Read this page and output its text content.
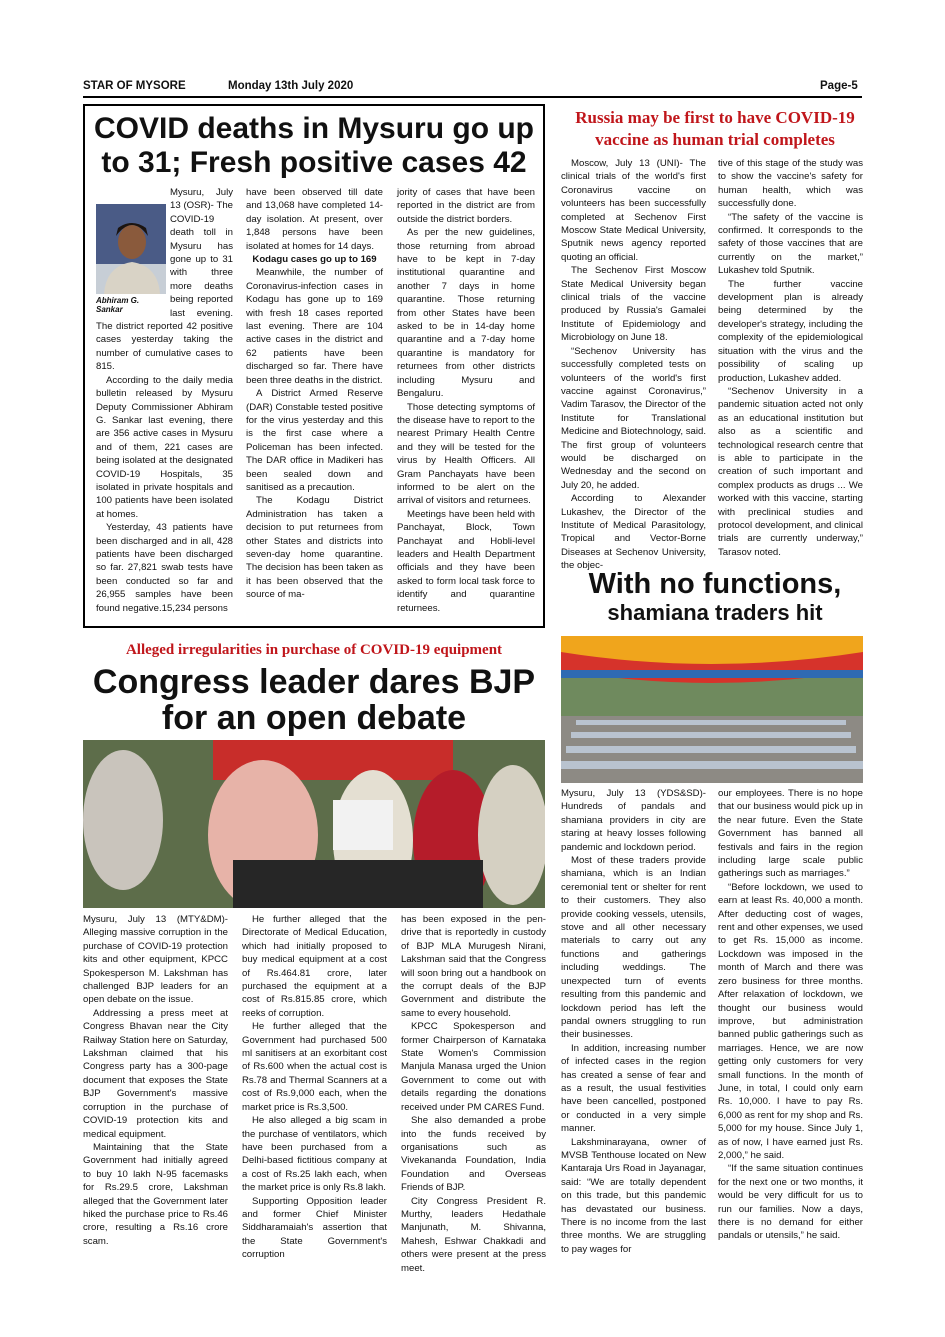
STAR OF MYSORE	Monday 13th July 2020	Page-5
COVID deaths in Mysuru go up
to 31; Fresh positive cases 42
Abhiram G. Sankar

Mysuru, July 13 (OSR)- The COVID-19 death toll in Mysuru has gone up to 31 with three more deaths being reported last evening. The district reported 42 positive cases yesterday taking the number of cumulative cases to 815.

According to the daily media bulletin released by Mysuru Deputy Commissioner Abhiram G. Sankar last evening, there are 356 active cases in Mysuru and of them, 221 cases are being isolated at the designated COVID-19 Hospitals, 35 isolated in private hospitals and 100 patients have been isolated at homes.

Yesterday, 43 patients have been discharged and in all, 428 patients have been discharged so far. 27,821 swab tests have been conducted so far and 26,955 samples have been found negative.15,234 persons

have been observed till date and 13,068 have completed 14-day isolation. At present, over 1,848 persons have been isolated at homes for 14 days.

Kodagu cases go up to 169

Meanwhile, the number of Coronavirus-infection cases in Kodagu has gone up to 169 with fresh 18 cases reported last evening. There are 104 active cases in the district and 62 patients have been discharged so far. There have been three deaths in the district.

A District Armed Reserve (DAR) Constable tested positive for the virus yesterday and this is the first case where a Policeman has been infected. The DAR office in Madikeri has been sealed down and sanitised as a precaution.

The Kodagu District Administration has taken a decision to put returnees from other States and districts into seven-day home quarantine. The decision has been taken as it has been observed that the source of ma-

jority of cases that have been reported in the district are from outside the district borders.

As per the new guidelines, those returning from abroad have to be kept in 7-day institutional quarantine and another 7 days in home quarantine. Those returning from other States have been asked to be in 14-day home quarantine and a 7-day home quarantine is mandatory for returnees from other districts including Mysuru and Bengaluru.

Those detecting symptoms of the disease have to report to the nearest Primary Health Centre and they will be tested for the virus by Health Officers. All Gram Panchayats have been informed to be alert on the arrival of visitors and returnees.

Meetings have been held with Panchayat, Block, Town Panchayat and Hobli-level leaders and Health Department officials and they have been asked to form local task force to identify and quarantine returnees.

Russia may be first to have COVID-19
vaccine as human trial completes

Moscow, July 13 (UNI)- The clinical trials of the world's first Coronavirus vaccine on volunteers has been successfully completed at Sechenov First Moscow State Medical University, Sputnik news agency reported quoting an official.

The Sechenov First Moscow State Medical University began clinical trials of the vaccine produced by Russia's Gamalei Institute of Epidemiology and Microbiology on June 18.

“Sechenov University has successfully completed tests on volunteers of the world's first vaccine against Coronavirus,” Vadim Tarasov, the Director of the Institute for Translational Medicine and Biotechnology, said. The first group of volunteers would be discharged on Wednesday and the second on July 20, he added.

According to Alexander Lukashev, the Director of the Institute of Medical Parasitology, Tropical and Vector-Borne Diseases at Sechenov University, the objec-

tive of this stage of the study was to show the vaccine's safety for human health, which was successfully done.

“The safety of the vaccine is confirmed. It corresponds to the safety of those vaccines that are currently on the market,” Lukashev told Sputnik.

The further vaccine development plan is already being determined by the developer's strategy, including the complexity of the epidemiological situation with the virus and the possibility of scaling up production, Lukashev added.

“Sechenov University in a pandemic situation acted not only as an educational institution but also as a scientific and technological research centre that is able to participate in the creation of such important and complex products as drugs ... We worked with this vaccine, starting with preclinical studies and protocol development, and clinical trials are currently underway,” Tarasov noted.

With no functions,
shamiana traders hit

Mysuru, July 13 (YDS&SD)- Hundreds of pandals and shamiana providers in city are staring at heavy losses following pandemic and lockdown period.

Most of these traders provide shamiana, which is an Indian ceremonial tent or shelter for rent to their customers. They also provide cooking vessels, utensils, stove and all other necessary materials to carry out any functions and gatherings including weddings. The unexpected turn of events resulting from this pandemic and lockdown period has left the pandal owners struggling to run their businesses.

In addition, increasing number of infected cases in the region has created a sense of fear and as a result, the usual festivities have been cancelled, postponed or conducted in a very simple manner.

Lakshminarayana, owner of MVSB Tenthouse located on New Kantaraja Urs Road in Jayanagar, said: “We are totally dependent on this trade, but this pandemic has devastated our business. There is no income from the last three months. We are struggling to pay wages for

our employees. There is no hope that our business would pick up in the near future. Even the State Government has banned all festivals and fairs in the region including large scale public gatherings such as marriages.”

“Before lockdown, we used to earn at least Rs. 40,000 a month. After deducting cost of wages, rent and other expenses, we used to get Rs. 15,000 as income. Lockdown was imposed in the month of March and there was zero business for three months. After relaxation of lockdown, we thought our business would improve, but administration banned public gatherings such as marriages. Hence, we are now getting only customers for very small functions. In the month of June, in total, I could only earn Rs. 10,000. I have to pay Rs. 6,000 as rent for my shop and Rs. 5,000 for my house. Since July 1, as of now, I have earned just Rs. 2,000,” he said.

“If the same situation continues for the next one or two months, it would be very difficult for us to run our families. Now a days, there is no demand for either pandals or utensils,” he said.

Alleged irregularities in purchase of COVID-19 equipment
Congress leader dares BJP
for an open debate

Mysuru, July 13 (MTY&DM)- Alleging massive corruption in the purchase of COVID-19 protection kits and other equipment, KPCC Spokesperson M. Lakshman has challenged BJP leaders for an open debate on the issue.

Addressing a press meet at Congress Bhavan near the City Railway Station here on Saturday, Lakshman claimed that his Congress party has a 300-page document that exposes the State BJP Government's massive corruption in the purchase of COVID-19 protection kits and medical equipment.

Maintaining that the State Government had initially agreed to buy 10 lakh N-95 facemasks for Rs.29.5 crore, Lakshman alleged that the Government later hiked the purchase price to Rs.46 crore, resulting a Rs.16 crore scam.

He further alleged that the Directorate of Medical Education, which had initially proposed to buy medical equipment at a cost of Rs.464.81 crore, later purchased the equipment at a cost of Rs.815.85 crore, which reeks of corruption.

He further alleged that the Government had purchased 500 ml sanitisers at an exorbitant cost of Rs.600 when the actual cost is Rs.78 and Thermal Scanners at a cost of Rs.9,000 each, when the market price is Rs.3,500.

He also alleged a big scam in the purchase of ventilators, which have been purchased from a Delhi-based fictitious company at a cost of Rs.25 lakh each, when the market price is only Rs.8 lakh.

Supporting Opposition leader and former Chief Minister Siddharamaiah's assertion that the State Government's corruption

has been exposed in the pen-drive that is reportedly in custody of BJP MLA Murugesh Nirani, Lakshman said that the Congress will soon bring out a handbook on the corrupt deals of the BJP Government and distribute the same to every household.

KPCC Spokesperson and former Chairperson of Karnataka State Women's Commission Manjula Manasa urged the Union Government to come out with details regarding the donations received under PM CARES Fund.

She also demanded a probe into the funds received by organisations such as Vivekananda Foundation, India Foundation and Overseas Friends of BJP.

City Congress President R. Murthy, leaders Hedathale Manjunath, M. Shivanna, Mahesh, Eshwar Chakkadi and others were present at the press meet.
